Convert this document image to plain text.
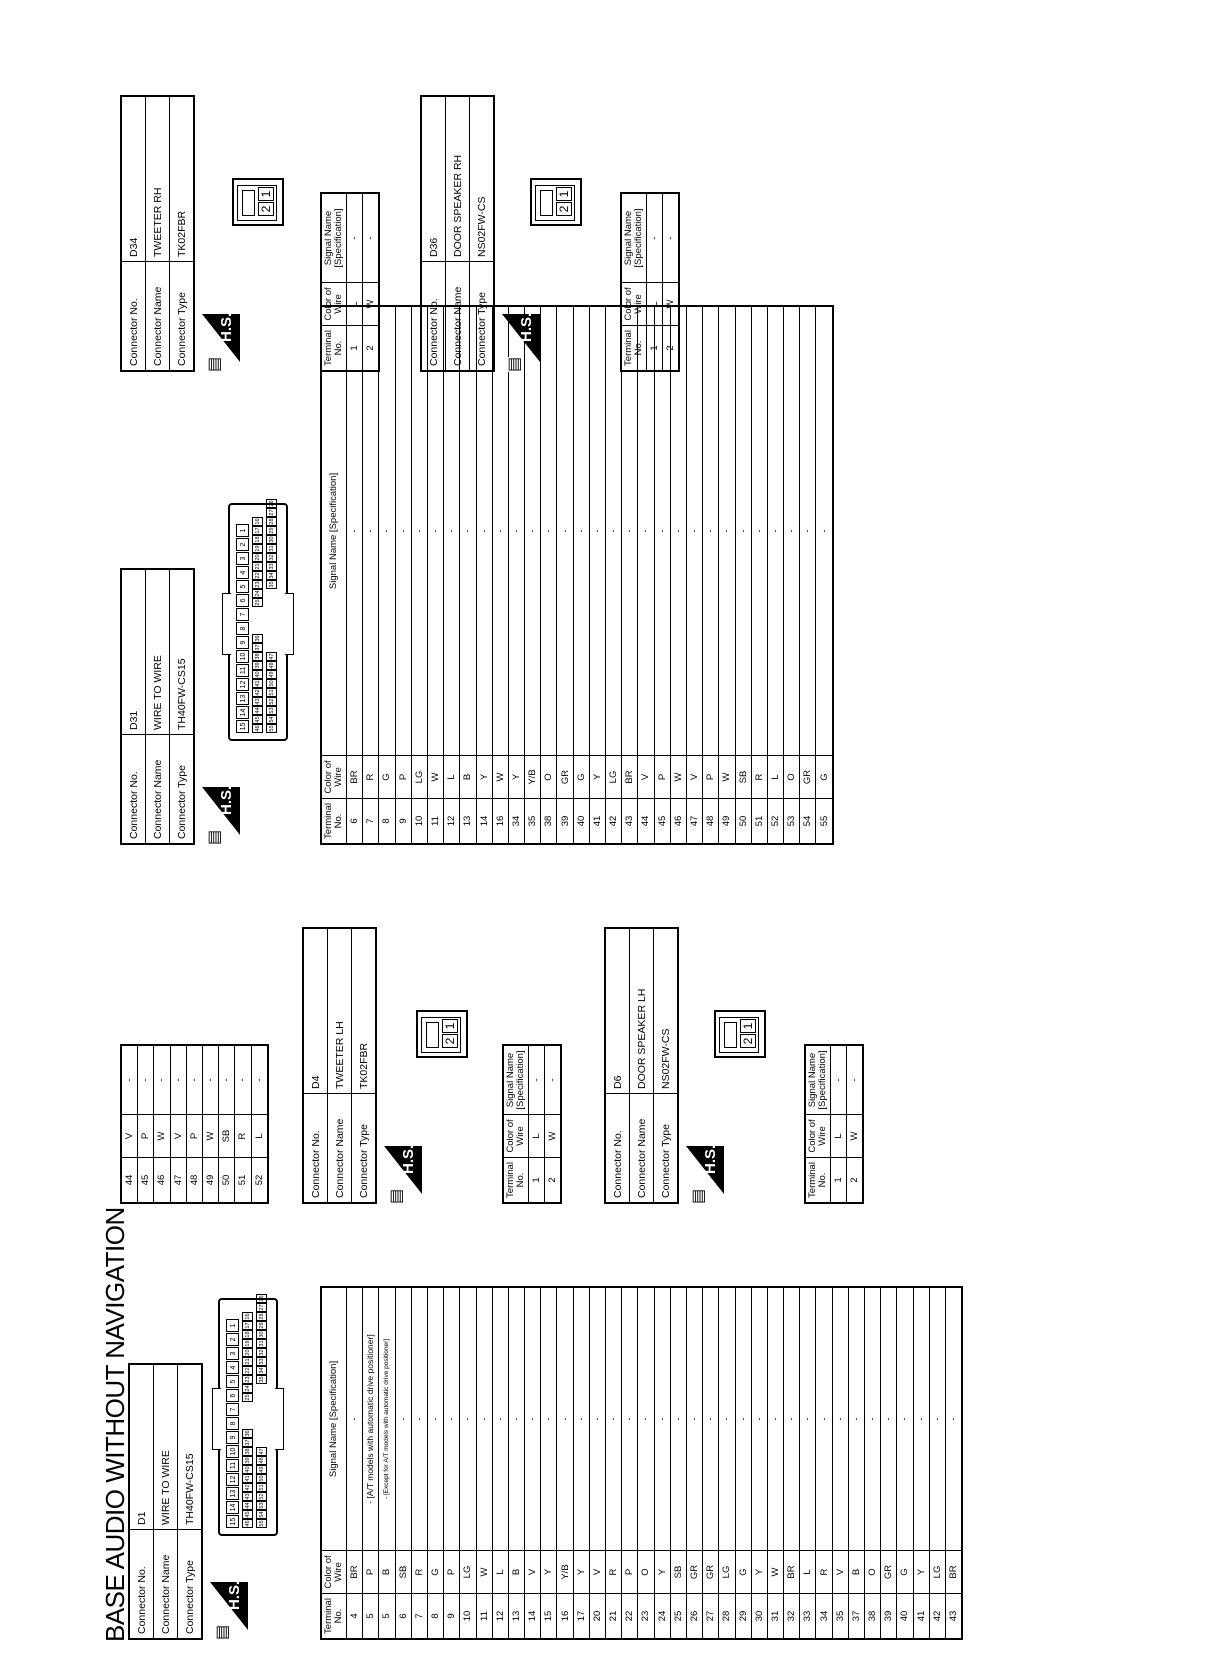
BASE AUDIO WITHOUT NAVIGATION Connector No.	D1
Connector Name	WIRE TO WIRE
Connector Type	TH40FW-CS15
H.S.
▤
15
14
13
12
11
10
9
8
7
6
5
4
3
2
1
46
45
44
43
42
41
40
39
38
37
36
25
24
23
22
21
20
19
18
17
16
55
54
53
52
51
50
49
48
47
35
34
33
32
31
30
29
28
27
26
Terminal No.	Color of Wire	Signal Name [Specification]
4	BR	-
5	P	- [A/T models with automatic drive positioner]
5	B	- [Except for A/T models with automatic drive positioner]
6	SB	-
7	R	-
8	G	-
9	P	-
10	LG	-
11	W	-
12	L	-
13	B	-
14	V	-
15	Y	-
16	Y/B	-
17	Y	-
20	V	-
21	R	-
22	P	-
23	O	-
24	Y	-
25	SB	-
26	GR	-
27	GR	-
28	LG	-
29	G	-
30	Y	-
31	W	-
32	BR	-
33	L	-
34	R	-
35	V	-
37	B	-
38	O	-
39	GR	-
40	G	-
41	Y	-
42	LG	-
43	BR	-
44	V	-
45	P	-
46	W	-
47	V	-
48	P	-
49	W	-
50	SB	-
51	R	-
52	L	-
Connector No.	D4
Connector Name	TWEETER LH
Connector Type	TK02FBR
H.S.
▤
2
1
Terminal No.	Color of Wire	Signal Name [Specification]
1	L	-
2	W	-
Connector No.	D6
Connector Name	DOOR SPEAKER LH
Connector Type	NS02FW-CS
H.S.
▤
2
1
Terminal No.	Color of Wire	Signal Name [Specification]
1	L	-
2	W	-
Connector No.	D31
Connector Name	WIRE TO WIRE
Connector Type	TH40FW-CS15
H.S.
▤
15
14
13
12
11
10
9
8
7
6
5
4
3
2
1
46
45
44
43
42
41
40
39
38
37
36
25
24
23
22
21
20
19
18
17
16
55
54
53
52
51
50
49
48
47
35
34
33
32
31
30
29
28
27
26
Terminal No.	Color of Wire	Signal Name [Specification]
6	BR	-
7	R	-
8	G	-
9	P	-
10	LG	-
11	W	-
12	L	-
13	B	-
14	Y	-
16	W	-
34	Y	-
35	Y/B	-
38	O	-
39	GR	-
40	G	-
41	Y	-
42	LG	-
43	BR	-
44	V	-
45	P	-
46	W	-
47	V	-
48	P	-
49	W	-
50	SB	-
51	R	-
52	L	-
53	O	-
54	GR	-
55	G	-
Connector No.	D34
Connector Name	TWEETER RH
Connector Type	TK02FBR
H.S.
▤
2
1
Terminal No.	Color of Wire	Signal Name [Specification]
1	L	-
2	W	-
Connector No.	D36
Connector Name	DOOR SPEAKER RH
Connector Type	NS02FW-CS
H.S.
▤
2
1
Terminal No.	Color of Wire	Signal Name [Specification]
1	L	-
2	W	-
